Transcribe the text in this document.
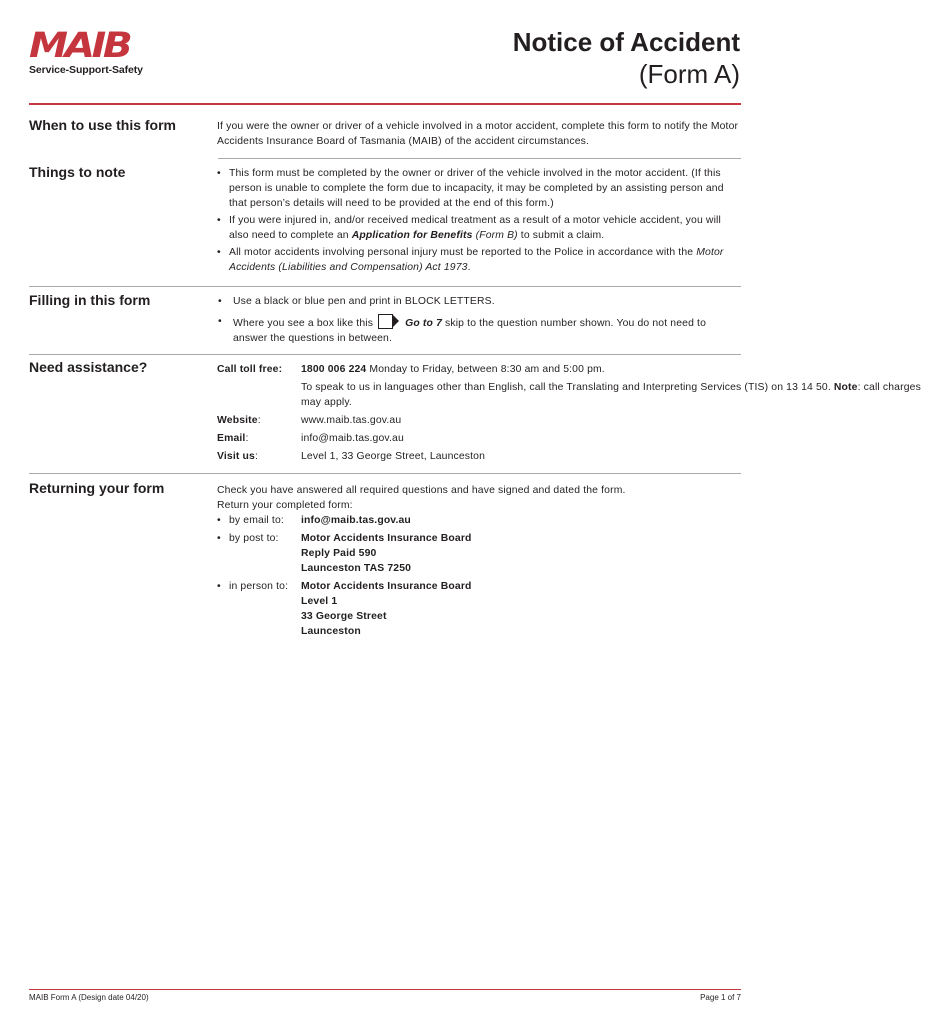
MAIB
Service-Support-Safety
Notice of Accident
(Form A)
When to use this form	If you were the owner or driver of a vehicle involved in a motor accident, complete this form to notify the Motor Accidents Insurance Board of Tasmania (MAIB) of the accident circumstances.

Things to note	• This form must be completed by the owner or driver of the vehicle involved in the motor accident. (If this person is unable to complete the form due to incapacity, it may be completed by an assisting person and that person’s details will need to be provided at the end of this form.)
• If you were injured in, and/or received medical treatment as a result of a motor vehicle accident, you will also need to complete an Application for Benefits (Form B) to submit a claim.
• All motor accidents involving personal injury must be reported to the Police in accordance with the Motor Accidents (Liabilities and Compensation) Act 1973.
Filling in this form	• Use a black or blue pen and print in BLOCK LETTERS.
• Where you see a box like this	Go to 7 skip to the question number shown. You do not need to answer the questions in between.
Need assistance?	Call toll free:	1800 006 224 Monday to Friday, between 8:30 am and 5:00 pm.
To speak to us in languages other than English, call the Translating and Interpreting Services (TIS) on 13 14 50. Note: call charges may apply.
Website:	www.maib.tas.gov.au
Email:	info@maib.tas.gov.au
Visit us:	Level 1, 33 George Street, Launceston
Returning your form	Check you have answered all required questions and have signed and dated the form.

Return your completed form:

• by email to:	info@maib.tas.gov.au
• by post to:	Motor Accidents Insurance Board
Reply Paid 590
Launceston TAS 7250
• in person to:	Motor Accidents Insurance Board
Level 1
33 George Street
Launceston
MAIB Form A (Design date 04/20)	Page 1 of 7
